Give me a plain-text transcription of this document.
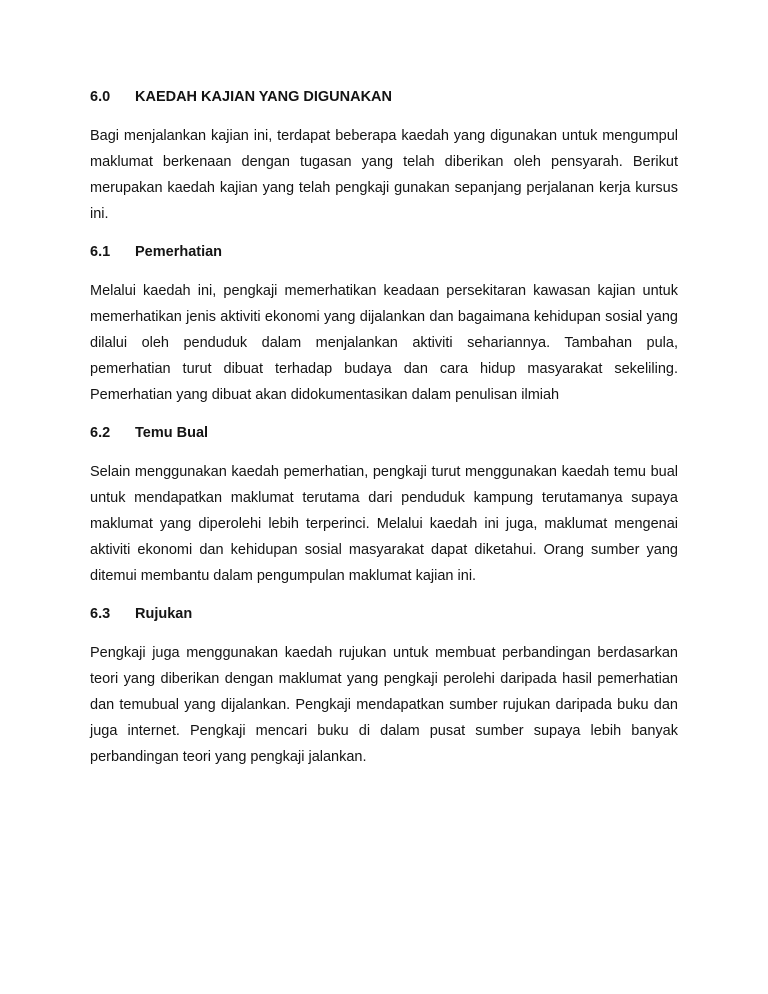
6.0	KAEDAH KAJIAN YANG DIGUNAKAN

Bagi menjalankan kajian ini, terdapat beberapa kaedah yang digunakan untuk mengumpul maklumat berkenaan dengan tugasan yang telah diberikan oleh pensyarah. Berikut merupakan kaedah kajian yang telah pengkaji gunakan sepanjang perjalanan kerja kursus ini.

6.1	Pemerhatian

Melalui kaedah ini, pengkaji memerhatikan keadaan persekitaran kawasan kajian untuk memerhatikan jenis aktiviti ekonomi yang dijalankan dan bagaimana kehidupan sosial yang dilalui oleh penduduk dalam menjalankan aktiviti sehariannya. Tambahan pula, pemerhatian turut dibuat terhadap budaya dan cara hidup masyarakat sekeliling. Pemerhatian yang dibuat akan didokumentasikan dalam penulisan ilmiah

6.2	Temu Bual

Selain menggunakan kaedah pemerhatian, pengkaji turut menggunakan kaedah temu bual untuk mendapatkan maklumat terutama dari penduduk kampung terutamanya supaya maklumat yang diperolehi lebih terperinci. Melalui kaedah ini juga, maklumat mengenai aktiviti ekonomi dan kehidupan sosial masyarakat dapat diketahui. Orang sumber yang ditemui membantu dalam pengumpulan maklumat kajian ini.

6.3	Rujukan

Pengkaji juga menggunakan kaedah rujukan untuk membuat perbandingan berdasarkan teori yang diberikan dengan maklumat yang pengkaji perolehi daripada hasil pemerhatian dan temubual yang dijalankan. Pengkaji mendapatkan sumber rujukan daripada buku dan juga internet. Pengkaji mencari buku di dalam pusat sumber supaya lebih banyak perbandingan teori yang pengkaji jalankan.
